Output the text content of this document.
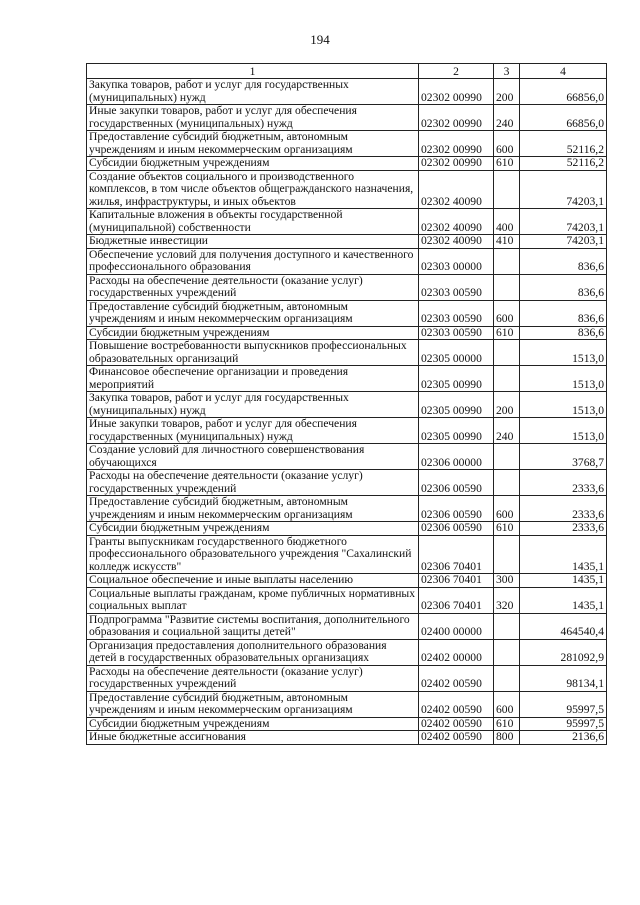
194
1	2	3	4
Закупка товаров, работ и услуг для государственных (муниципальных) нужд	02302 00990	200	66856,0
Иные закупки товаров, работ и услуг для обеспечения государственных (муниципальных) нужд	02302 00990	240	66856,0
Предоставление субсидий бюджетным, автономным учреждениям и иным некоммерческим организациям	02302 00990	600	52116,2
Субсидии бюджетным учреждениям	02302 00990	610	52116,2
Создание объектов социального и производственного комплексов, в том числе объектов общегражданского назначения, жилья, инфраструктуры, и иных объектов	02302 40090		74203,1
Капитальные вложения в объекты государственной (муниципальной) собственности	02302 40090	400	74203,1
Бюджетные инвестиции	02302 40090	410	74203,1
Обеспечение условий для получения доступного и качественного профессионального образования	02303 00000		836,6
Расходы на обеспечение деятельности (оказание услуг) государственных учреждений	02303 00590		836,6
Предоставление субсидий бюджетным, автономным учреждениям и иным некоммерческим организациям	02303 00590	600	836,6
Субсидии бюджетным учреждениям	02303 00590	610	836,6
Повышение востребованности выпускников профессиональных образовательных организаций	02305 00000		1513,0
Финансовое обеспечение организации и проведения мероприятий	02305 00990		1513,0
Закупка товаров, работ и услуг для государственных (муниципальных) нужд	02305 00990	200	1513,0
Иные закупки товаров, работ и услуг для обеспечения государственных (муниципальных) нужд	02305 00990	240	1513,0
Создание условий для личностного совершенствования обучающихся	02306 00000		3768,7
Расходы на обеспечение деятельности (оказание услуг) государственных учреждений	02306 00590		2333,6
Предоставление субсидий бюджетным, автономным учреждениям и иным некоммерческим организациям	02306 00590	600	2333,6
Субсидии бюджетным учреждениям	02306 00590	610	2333,6
Гранты выпускникам государственного бюджетного профессионального образовательного учреждения "Сахалинский колледж искусств"	02306 70401		1435,1
Социальное обеспечение и иные выплаты населению	02306 70401	300	1435,1
Социальные выплаты гражданам, кроме публичных нормативных социальных выплат	02306 70401	320	1435,1
Подпрограмма "Развитие системы воспитания, дополнительного образования и социальной защиты детей"	02400 00000		464540,4
Организация предоставления дополнительного образования детей в государственных образовательных организациях	02402 00000		281092,9
Расходы на обеспечение деятельности (оказание услуг) государственных учреждений	02402 00590		98134,1
Предоставление субсидий бюджетным, автономным учреждениям и иным некоммерческим организациям	02402 00590	600	95997,5
Субсидии бюджетным учреждениям	02402 00590	610	95997,5
Иные бюджетные ассигнования	02402 00590	800	2136,6
